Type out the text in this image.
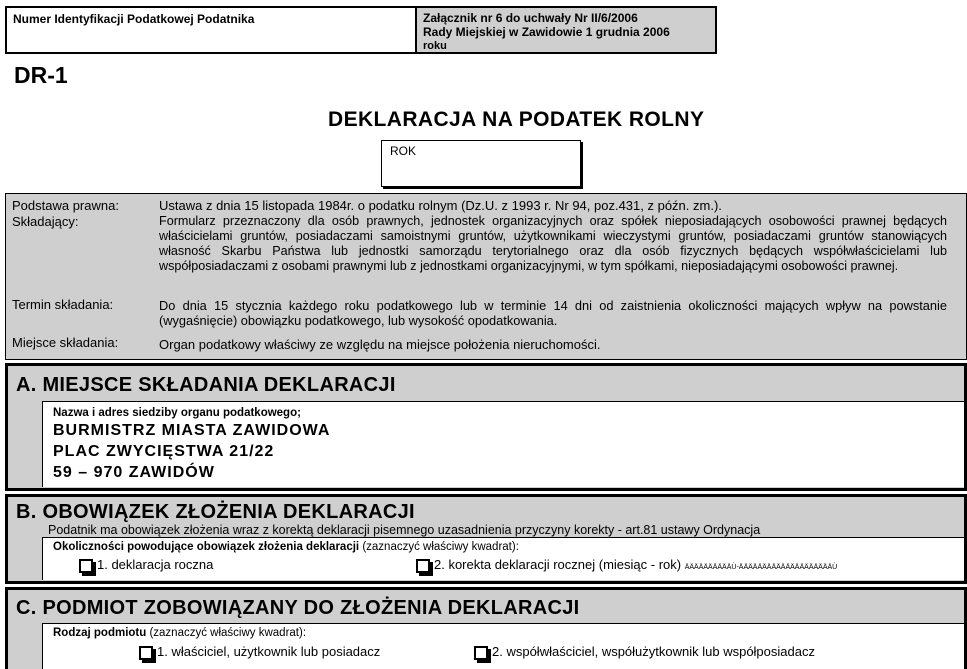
Numer Identyfikacji Podatkowej Podatnika	Załącznik nr 6 do uchwały Nr II/6/2006
Rady Miejskiej w Zawidowie 1 grudnia 2006
roku
DR-1
DEKLARACJA NA PODATEK ROLNY
ROK
Podstawa prawna:	Ustawa z dnia 15 listopada 1984r. o podatku rolnym (Dz.U. z 1993 r. Nr 94, poz.431, z późn. zm.).
Składający:	Formularz przeznaczony dla osób prawnych, jednostek organizacyjnych oraz spółek nieposiadających osobowości prawnej będących właścicielami gruntów, posiadaczami samoistnymi gruntów, użytkownikami wieczystymi gruntów, posiadaczami gruntów stanowiących własność Skarbu Państwa lub jednostki samorządu terytorialnego oraz dla osób fizycznych będących współwłaścicielami lub współposiadaczami z osobami prawnymi lub z jednostkami organizacyjnymi, w tym spółkami, nieposiadającymi osobowości prawnej.
Termin składania:	Do dnia 15 stycznia każdego roku podatkowego lub w terminie 14 dni od zaistnienia okoliczności mających wpływ na powstanie (wygaśnięcie) obowiązku podatkowego, lub wysokość opodatkowania.
Miejsce składania:	Organ podatkowy właściwy ze względu na miejsce położenia nieruchomości.
A. MIEJSCE SKŁADANIA DEKLARACJI
Nazwa i adres siedziby organu podatkowego;
BURMISTRZ MIASTA ZAWIDOWA
PLAC ZWYCIĘSTWA 21/22
59 – 970 ZAWIDÓW
B. OBOWIĄZEK ZŁOŻENIA DEKLARACJI
Podatnik ma obowiązek złożenia wraz z korektą deklaracji pisemnego uzasadnienia przyczyny korekty - art.81 ustawy Ordynacja
Okoliczności powodujące obowiązek złożenia deklaracji (zaznaczyć właściwy kwadrat):
1. deklaracja roczna	2. korekta deklaracji rocznej (miesiąc - rok) ÄÄÄÄÄÄÄÄÄÄÙ-ÄÄÄÄÄÄÄÄÄÄÄÄÄÄÄÄÄÄÄÄÙ
C. PODMIOT ZOBOWIĄZANY DO ZŁOŻENIA DEKLARACJI
Rodzaj podmiotu (zaznaczyć właściwy kwadrat):
1. właściciel, użytkownik lub posiadacz	2. współwłaściciel, współużytkownik lub współposiadacz
